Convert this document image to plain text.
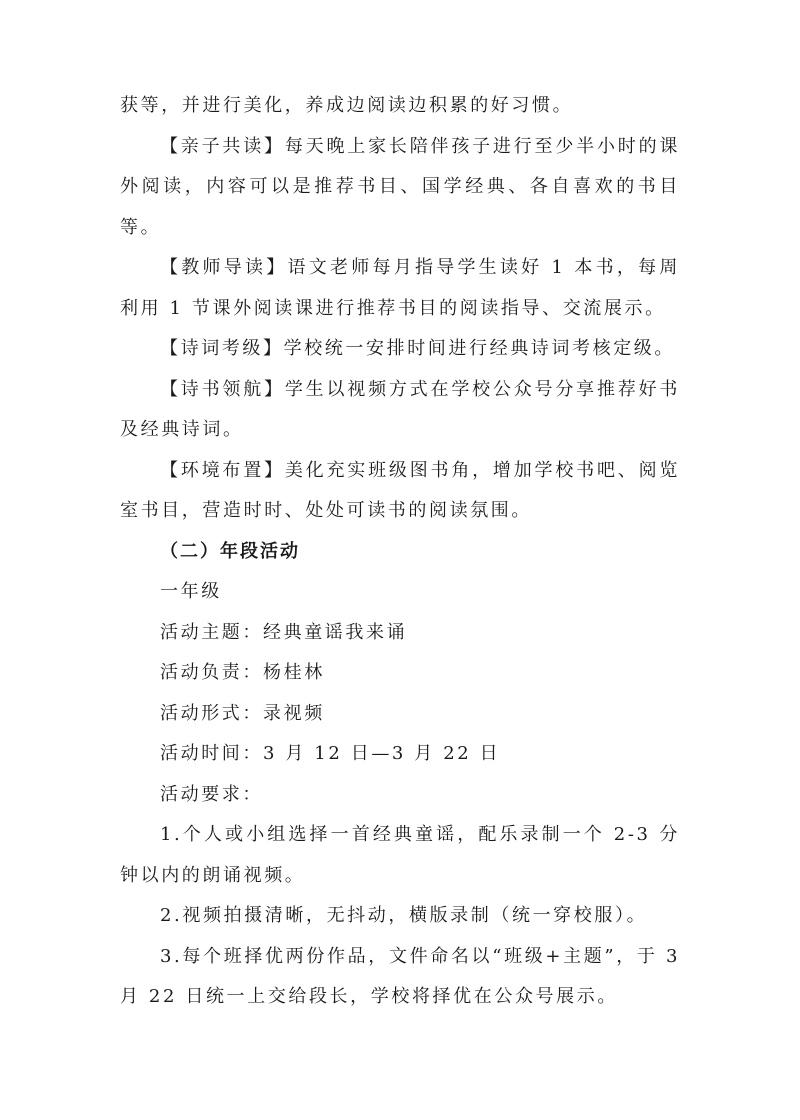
获等，并进行美化，养成边阅读边积累的好习惯。

【亲子共读】每天晚上家长陪伴孩子进行至少半小时的课外阅读，内容可以是推荐书目、国学经典、各自喜欢的书目等。

【教师导读】语文老师每月指导学生读好 1 本书，每周利用 1 节课外阅读课进行推荐书目的阅读指导、交流展示。

【诗词考级】学校统一安排时间进行经典诗词考核定级。

【诗书领航】学生以视频方式在学校公众号分享推荐好书及经典诗词。

【环境布置】美化充实班级图书角，增加学校书吧、阅览室书目，营造时时、处处可读书的阅读氛围。

（二）年段活动

一年级

活动主题：经典童谣我来诵

活动负责：杨桂林

活动形式：录视频

活动时间：3 月 12 日—3 月 22 日

活动要求：

1.个人或小组选择一首经典童谣，配乐录制一个 2-3 分钟以内的朗诵视频。

2.视频拍摄清晰，无抖动，横版录制（统一穿校服）。

3.每个班择优两份作品，文件命名以“班级+主题”，于 3 月 22 日统一上交给段长，学校将择优在公众号展示。
